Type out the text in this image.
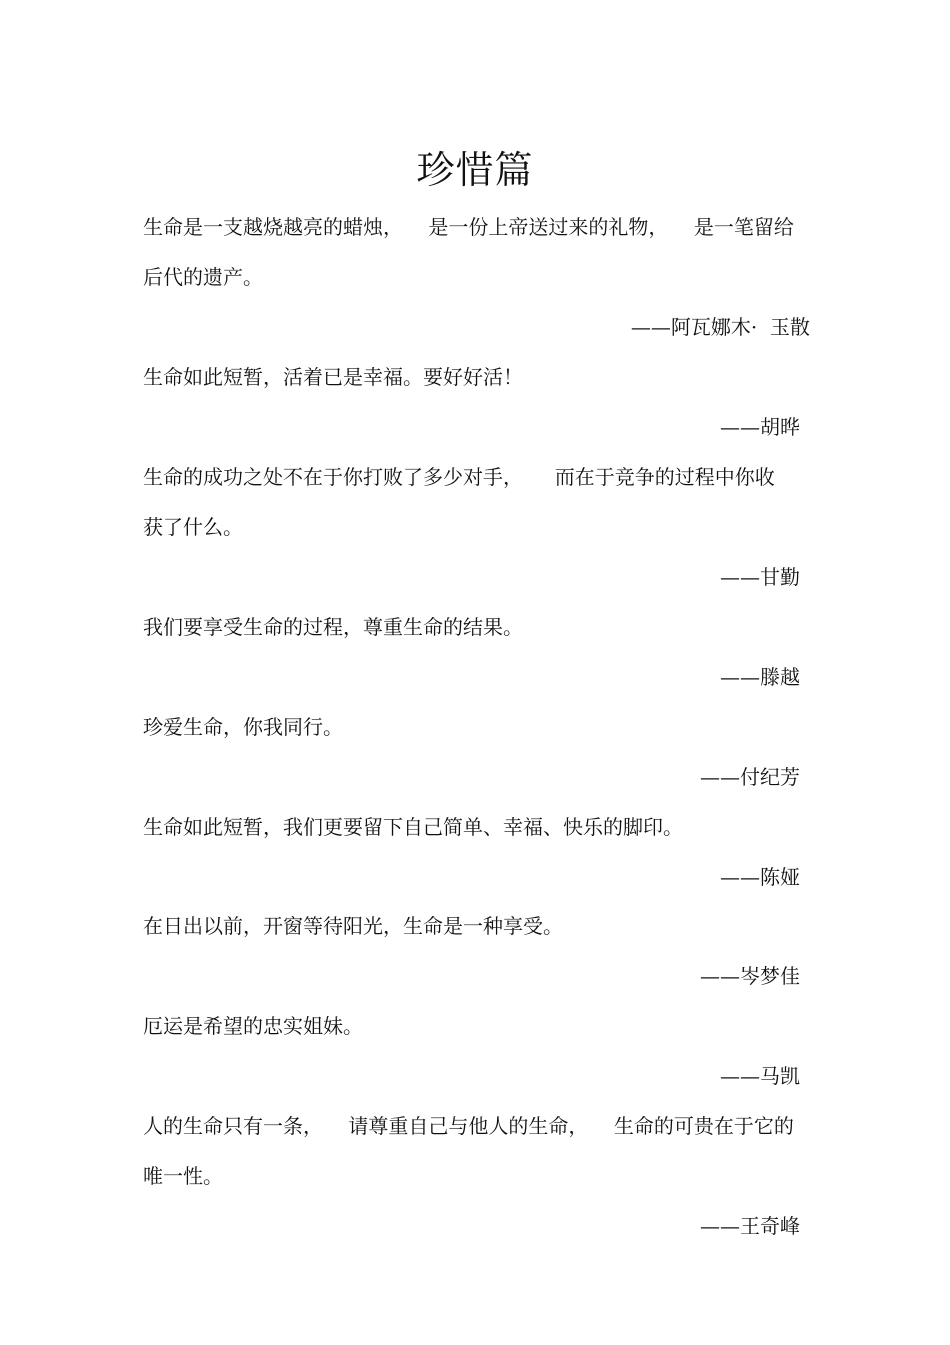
珍惜篇

生命是一支越烧越亮的蜡烛，    是一份上帝送过来的礼物，    是一笔留给

后代的遗产。

——阿瓦娜木·  玉散

生命如此短暂，活着已是幸福。要好好活！

——胡晔

生命的成功之处不在于你打败了多少对手，     而在于竞争的过程中你收

获了什么。

——甘勤

我们要享受生命的过程，尊重生命的结果。

——滕越

珍爱生命，你我同行。

——付纪芳

生命如此短暂，我们更要留下自己简单、幸福、快乐的脚印。

——陈娅

在日出以前，开窗等待阳光，生命是一种享受。

——岑梦佳

厄运是希望的忠实姐妹。

——马凯

人的生命只有一条，    请尊重自己与他人的生命，    生命的可贵在于它的

唯一性。

——王奇峰
